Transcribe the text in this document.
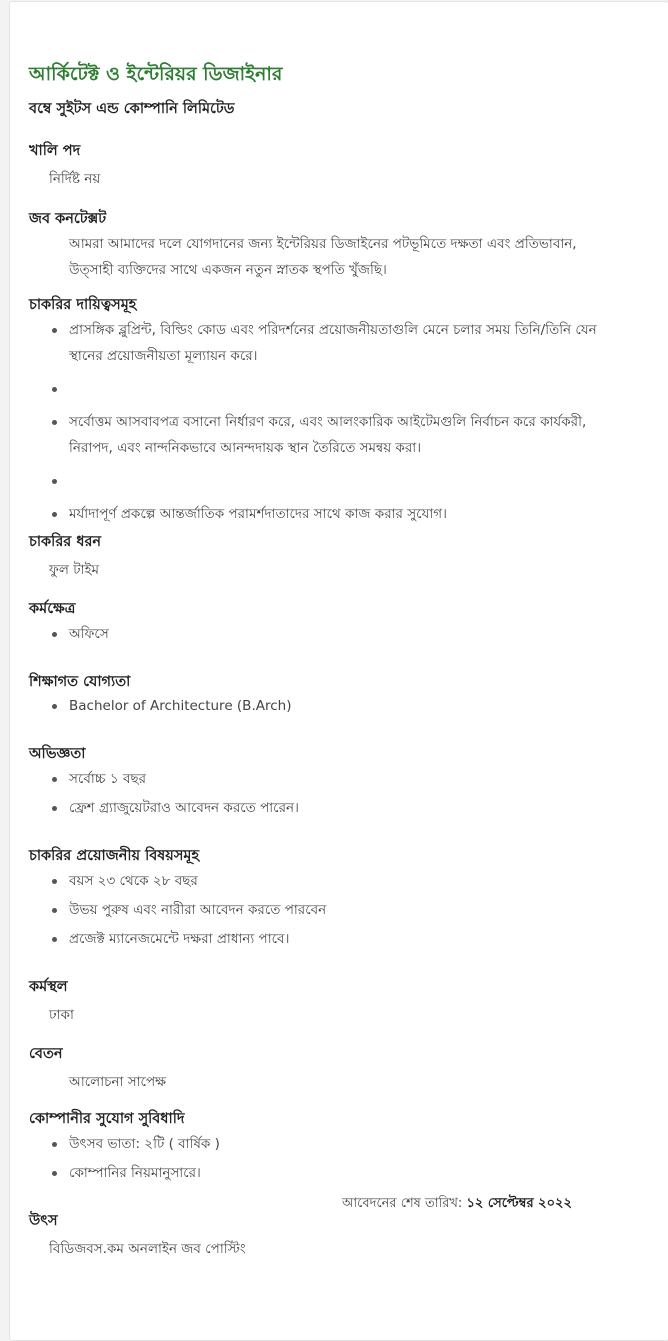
আর্কিটেক্ট ও ইন্টেরিয়র ডিজাইনার
বম্বে সুইটস এন্ড কোম্পানি লিমিটেড
খালি পদ
নির্দিষ্ট নয়
জব কনটেক্সট
আমরা আমাদের দলে যোগদানের জন্য ইন্টেরিয়র ডিজাইনের পটভূমিতে দক্ষতা এবং প্রতিভাবান, উত্সাহী ব্যক্তিদের সাথে একজন নতুন স্নাতক স্থপতি খুঁজছি।
চাকরির দায়িত্বসমূহ
প্রাসঙ্গিক ব্লুপ্রিন্ট, বিল্ডিং কোড এবং পরিদর্শনের প্রয়োজনীয়তাগুলি মেনে চলার সময় তিনি/তিনি যেন স্থানের প্রয়োজনীয়তা মূল্যায়ন করে।
সর্বোত্তম আসবাবপত্র বসানো নির্ধারণ করে, এবং আলংকারিক আইটেমগুলি নির্বাচন করে কার্যকরী, নিরাপদ, এবং নান্দনিকভাবে আনন্দদায়ক স্থান তৈরিতে সমন্বয় করা।
মর্যাদাপূর্ণ প্রকল্পে আন্তর্জাতিক পরামর্শদাতাদের সাথে কাজ করার সুযোগ।
চাকরির ধরন
ফুল টাইম
কর্মক্ষেত্র
অফিসে
শিক্ষাগত যোগ্যতা
Bachelor of Architecture (B.Arch)
অভিজ্ঞতা
সর্বোচ্চ ১ বছর
ফ্রেশ গ্র্যাজুয়েটরাও আবেদন করতে পারেন।
চাকরির প্রয়োজনীয় বিষয়সমূহ
বয়স ২৩ থেকে ২৮ বছর
উভয় পুরুষ এবং নারীরা আবেদন করতে পারবেন
প্রজেক্ট ম্যানেজমেন্টে দক্ষরা প্রাধান্য পাবে।
কর্মস্থল
ঢাকা
বেতন
আলোচনা সাপেক্ষ
কোম্পানীর সুযোগ সুবিধাদি
উৎসব ভাতা: ২টি ( বার্ষিক )
কোম্পানির নিয়মানুসারে।
আবেদনের শেষ তারিখ: ১২ সেপ্টেম্বর ২০২২
উৎস
বিডিজবস.কম অনলাইন জব পোস্টিং
